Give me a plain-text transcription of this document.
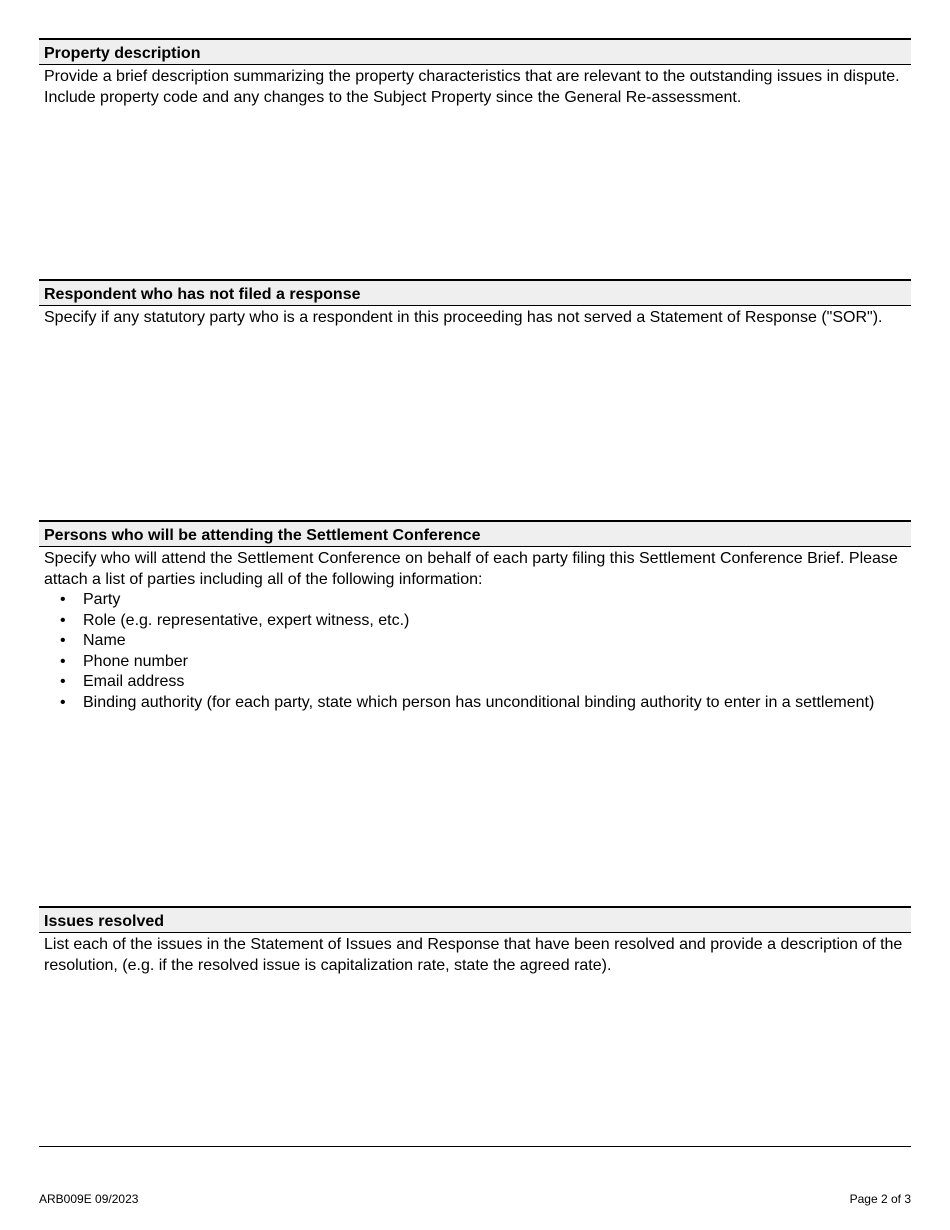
Property description

Provide a brief description summarizing the property characteristics that are relevant to the outstanding issues in dispute. Include property code and any changes to the Subject Property since the General Re-assessment.

Respondent who has not filed a response

Specify if any statutory party who is a respondent in this proceeding has not served a Statement of Response ("SOR").

Persons who will be attending the Settlement Conference

Specify who will attend the Settlement Conference on behalf of each party filing this Settlement Conference Brief. Please attach a list of parties including all of the following information:

• Party
• Role (e.g. representative, expert witness, etc.)
• Name
• Phone number
• Email address
• Binding authority (for each party, state which person has unconditional binding authority to enter in a settlement)
Issues resolved

List each of the issues in the Statement of Issues and Response that have been resolved and provide a description of the resolution, (e.g. if the resolved issue is capitalization rate, state the agreed rate).

ARB009E 09/2023	Page 2 of 3
